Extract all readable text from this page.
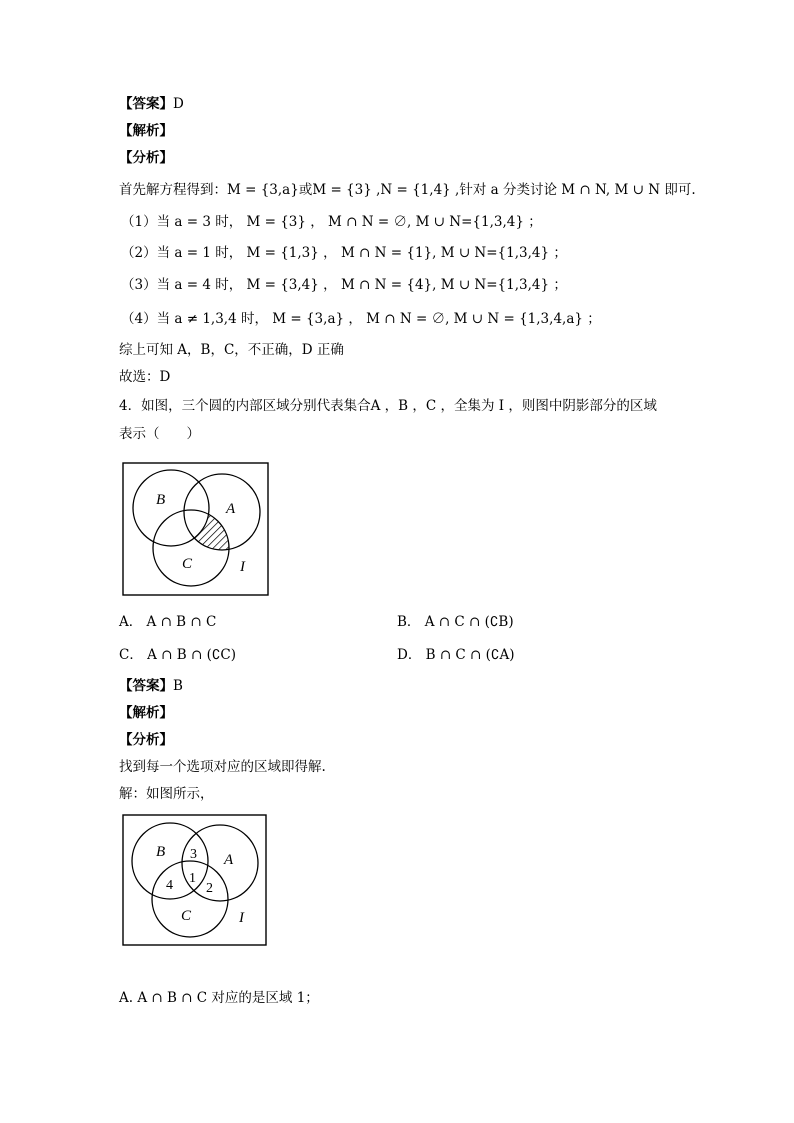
【答案】D
【解析】
【分析】
首先解方程得到：M = {3,a}或M = {3} ,N = {1,4} ,针对 a 分类讨论 M ∩ N, M ∪ N 即可.
（1）当 a = 3 时， M = {3} ， M ∩ N = ∅, M ∪ N={1,3,4} ；
（2）当 a = 1 时， M = {1,3} ， M ∩ N = {1}, M ∪ N={1,3,4} ；
（3）当 a = 4 时， M = {3,4} ， M ∩ N = {4}, M ∪ N={1,3,4} ；
（4）当 a ≠ 1,3,4 时， M = {3,a} ， M ∩ N = ∅, M ∪ N = {1,3,4,a} ；
综上可知 A，B，C，不正确，D 正确
故选：D
4．如图，三个圆的内部区域分别代表集合A ，B ，C ，全集为 I ，则图中阴影部分的区域
表示（　　）
B
A
C	I
A． A ∩ B ∩ C	B． A ∩ C ∩ (∁B)
C． A ∩ B ∩ (∁C)	D． B ∩ C ∩ (∁A)
【答案】B
【解析】
【分析】
找到每一个选项对应的区域即得解.
解：如图所示，
B	A
C	I
3
1
2
4
A. A ∩ B ∩ C 对应的是区域 1；
